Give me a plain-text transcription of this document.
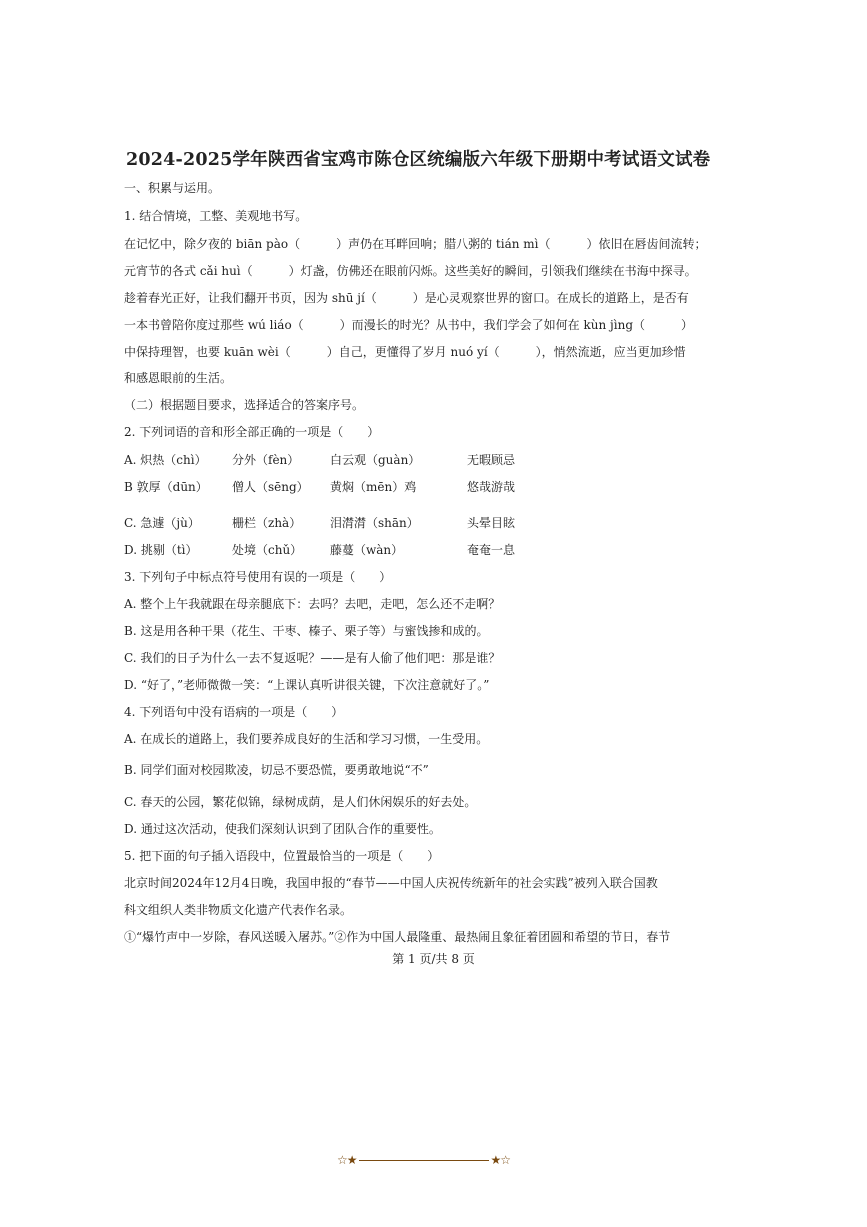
2024-2025学年陕西省宝鸡市陈仓区统编版六年级下册期中考试语文试卷
一、积累与运用。
1. 结合情境，工整、美观地书写。
在记忆中，除夕夜的 biān pào（　　　）声仍在耳畔回响；腊八粥的 tián mì（　　　）依旧在唇齿间流转；
元宵节的各式 cǎi huì（　　　）灯盏，仿佛还在眼前闪烁。这些美好的瞬间，引领我们继续在书海中探寻。
趁着春光正好，让我们翻开书页，因为 shū jí（　　　）是心灵观察世界的窗口。在成长的道路上，是否有
一本书曾陪你度过那些 wú liáo（　　　）而漫长的时光？从书中，我们学会了如何在 kùn jìng（　　　）
中保持理智，也要 kuān wèi（　　　）自己，更懂得了岁月 nuó yí（　　　），悄然流逝，应当更加珍惜
和感恩眼前的生活。
（二）根据题目要求，选择适合的答案序号。
2. 下列词语的音和形全部正确的一项是（　　）
A. 炽热（chì） 分外（fèn）	白云观（guàn）	无暇顾忌
B 敦厚（dūn） 僧人（sēng） 黄焖（mēn）鸡	悠哉游哉
C. 急遽（jù）	栅栏（zhà） 泪潸潸（shān）	头晕目眩
D. 挑剔（tì）	处境（chǔ） 藤蔓（wàn）	奄奄一息
3. 下列句子中标点符号使用有误的一项是（　　）
A. 整个上午我就跟在母亲腿底下：去吗？去吧，走吧，怎么还不走啊？
B. 这是用各种干果（花生、干枣、榛子、栗子等）与蜜饯掺和成的。
C. 我们的日子为什么一去不复返呢？——是有人偷了他们吧：那是谁？
D. “好了，”老师微微一笑：“上课认真听讲很关键，下次注意就好了。”
4. 下列语句中没有语病的一项是（　　）
A. 在成长的道路上，我们要养成良好的生活和学习习惯，一生受用。
B. 同学们面对校园欺凌，切忌不要恐慌，要勇敢地说“不”
C. 春天的公园，繁花似锦，绿树成荫，是人们休闲娱乐的好去处。
D. 通过这次活动，使我们深刻认识到了团队合作的重要性。
5. 把下面的句子插入语段中，位置最恰当的一项是（　　）
北京时间2024年12月4日晚，我国申报的“春节——中国人庆祝传统新年的社会实践”被列入联合国教
科文组织人类非物质文化遗产代表作名录。
①“爆竹声中一岁除，春风送暖入屠苏。”②作为中国人最隆重、最热闹且象征着团圆和希望的节日，春节
第 1 页/共 8 页
☆★	★☆
